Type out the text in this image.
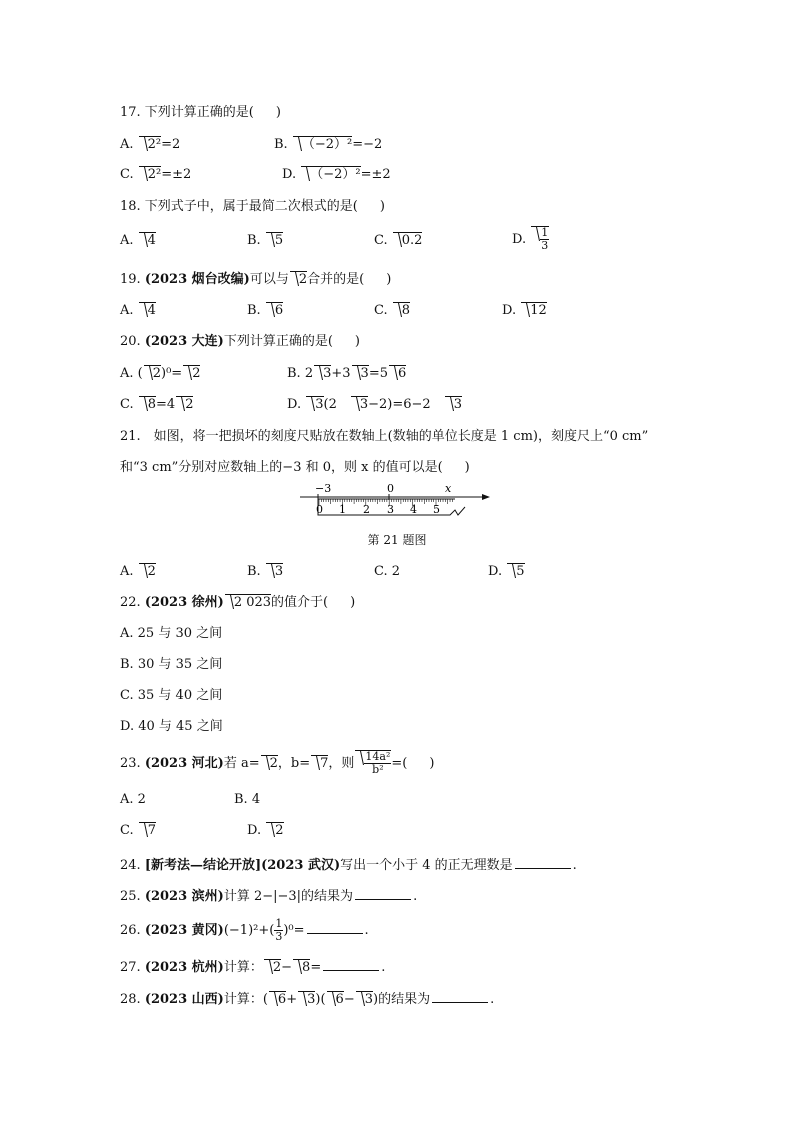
17. 下列计算正确的是( )
A. 2²=2	B. （−2）²=−2
C. 2²=±2	D. （−2）²=±2
18. 下列式子中，属于最简二次根式的是( )
A. 4	B. 5	C. 0.2	D. $\frac{1}{3}$
19. (2023 烟台改编)可以与 2合并的是( )
A. 4	B. 6	C. 8	D. 12
20. (2023 大连)下列计算正确的是( )
A. ( 2)⁰= 2	B. 2 3+3 3=5 6
C. 8=4 2	D. 3(2　3−2)=6−2　3
21.　如图，将一把损坏的刻度尺贴放在数轴上(数轴的单位长度是 1 cm)，刻度尺上“0 cm”
和“3 cm”分别对应数轴上的−3 和 0，则 x 的值可以是( )
−3	0	x
0 1 2 3 4 5
第 21 题图
A. 2	B. 3	C. 2	D. 5
22. (2023 徐州) 2 023的值介于( )
A. 25 与 30 之间
B. 30 与 35 之间
C. 35 与 40 之间
D. 40 与 45 之间
23. (2023 河北)若 a= 2，b= 7，则 $\frac{\text{14a²}}{\text{b²}}$ =( )
A. 2	B. 4
C. 7	D. 2
24. [新考法—结论开放](2023 武汉)写出一个小于 4 的正无理数是	.
25. (2023 滨州)计算 2−|−3|的结果为	.
26. (2023 黄冈)$(-1)^2+( \frac{1}{3} )^0=$	.
27. (2023 杭州)计算： 2− 8=	.
28. (2023 山西)计算：( 6+ 3)( 6− 3)的结果为	.
